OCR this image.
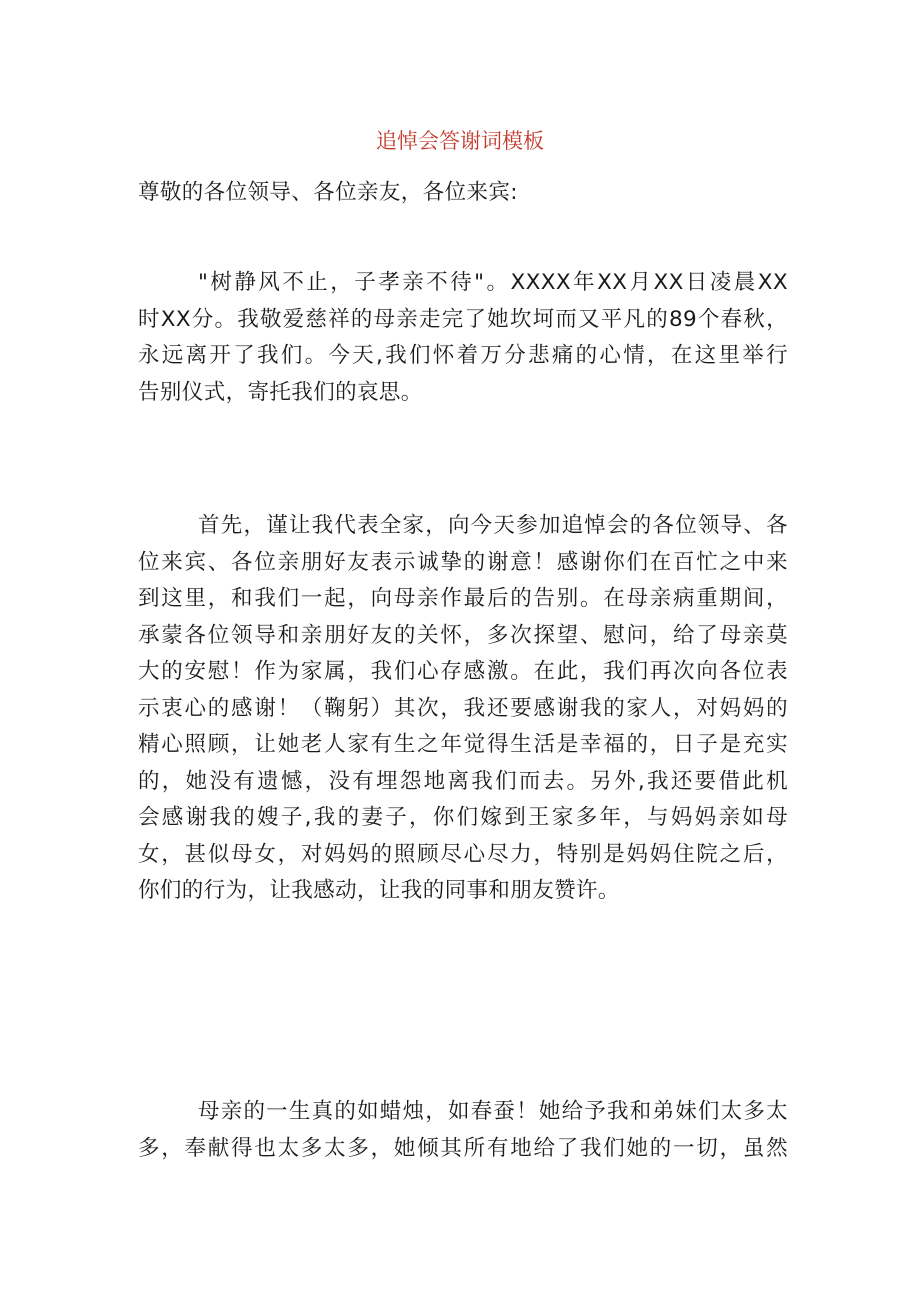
追悼会答谢词模板
尊敬的各位领导、各位亲友，各位来宾:
"树静风不止，子孝亲不待"。XXXX年XX月XX日凌晨XX
时XX分。我敬爱慈祥的母亲走完了她坎坷而又平凡的89个春秋，
永远离开了我们。今天,我们怀着万分悲痛的心情，在这里举行
告别仪式，寄托我们的哀思。
首先，谨让我代表全家，向今天参加追悼会的各位领导、各
位来宾、各位亲朋好友表示诚挚的谢意！感谢你们在百忙之中来
到这里，和我们一起，向母亲作最后的告别。在母亲病重期间，
承蒙各位领导和亲朋好友的关怀，多次探望、慰问，给了母亲莫
大的安慰！作为家属，我们心存感激。在此，我们再次向各位表
示衷心的感谢！（鞠躬）其次，我还要感谢我的家人，对妈妈的
精心照顾，让她老人家有生之年觉得生活是幸福的，日子是充实
的，她没有遗憾，没有埋怨地离我们而去。另外,我还要借此机
会感谢我的嫂子,我的妻子，你们嫁到王家多年，与妈妈亲如母
女，甚似母女，对妈妈的照顾尽心尽力，特别是妈妈住院之后，
你们的行为，让我感动，让我的同事和朋友赞许。
母亲的一生真的如蜡烛，如春蚕！她给予我和弟妹们太多太
多，奉献得也太多太多，她倾其所有地给了我们她的一切，虽然
